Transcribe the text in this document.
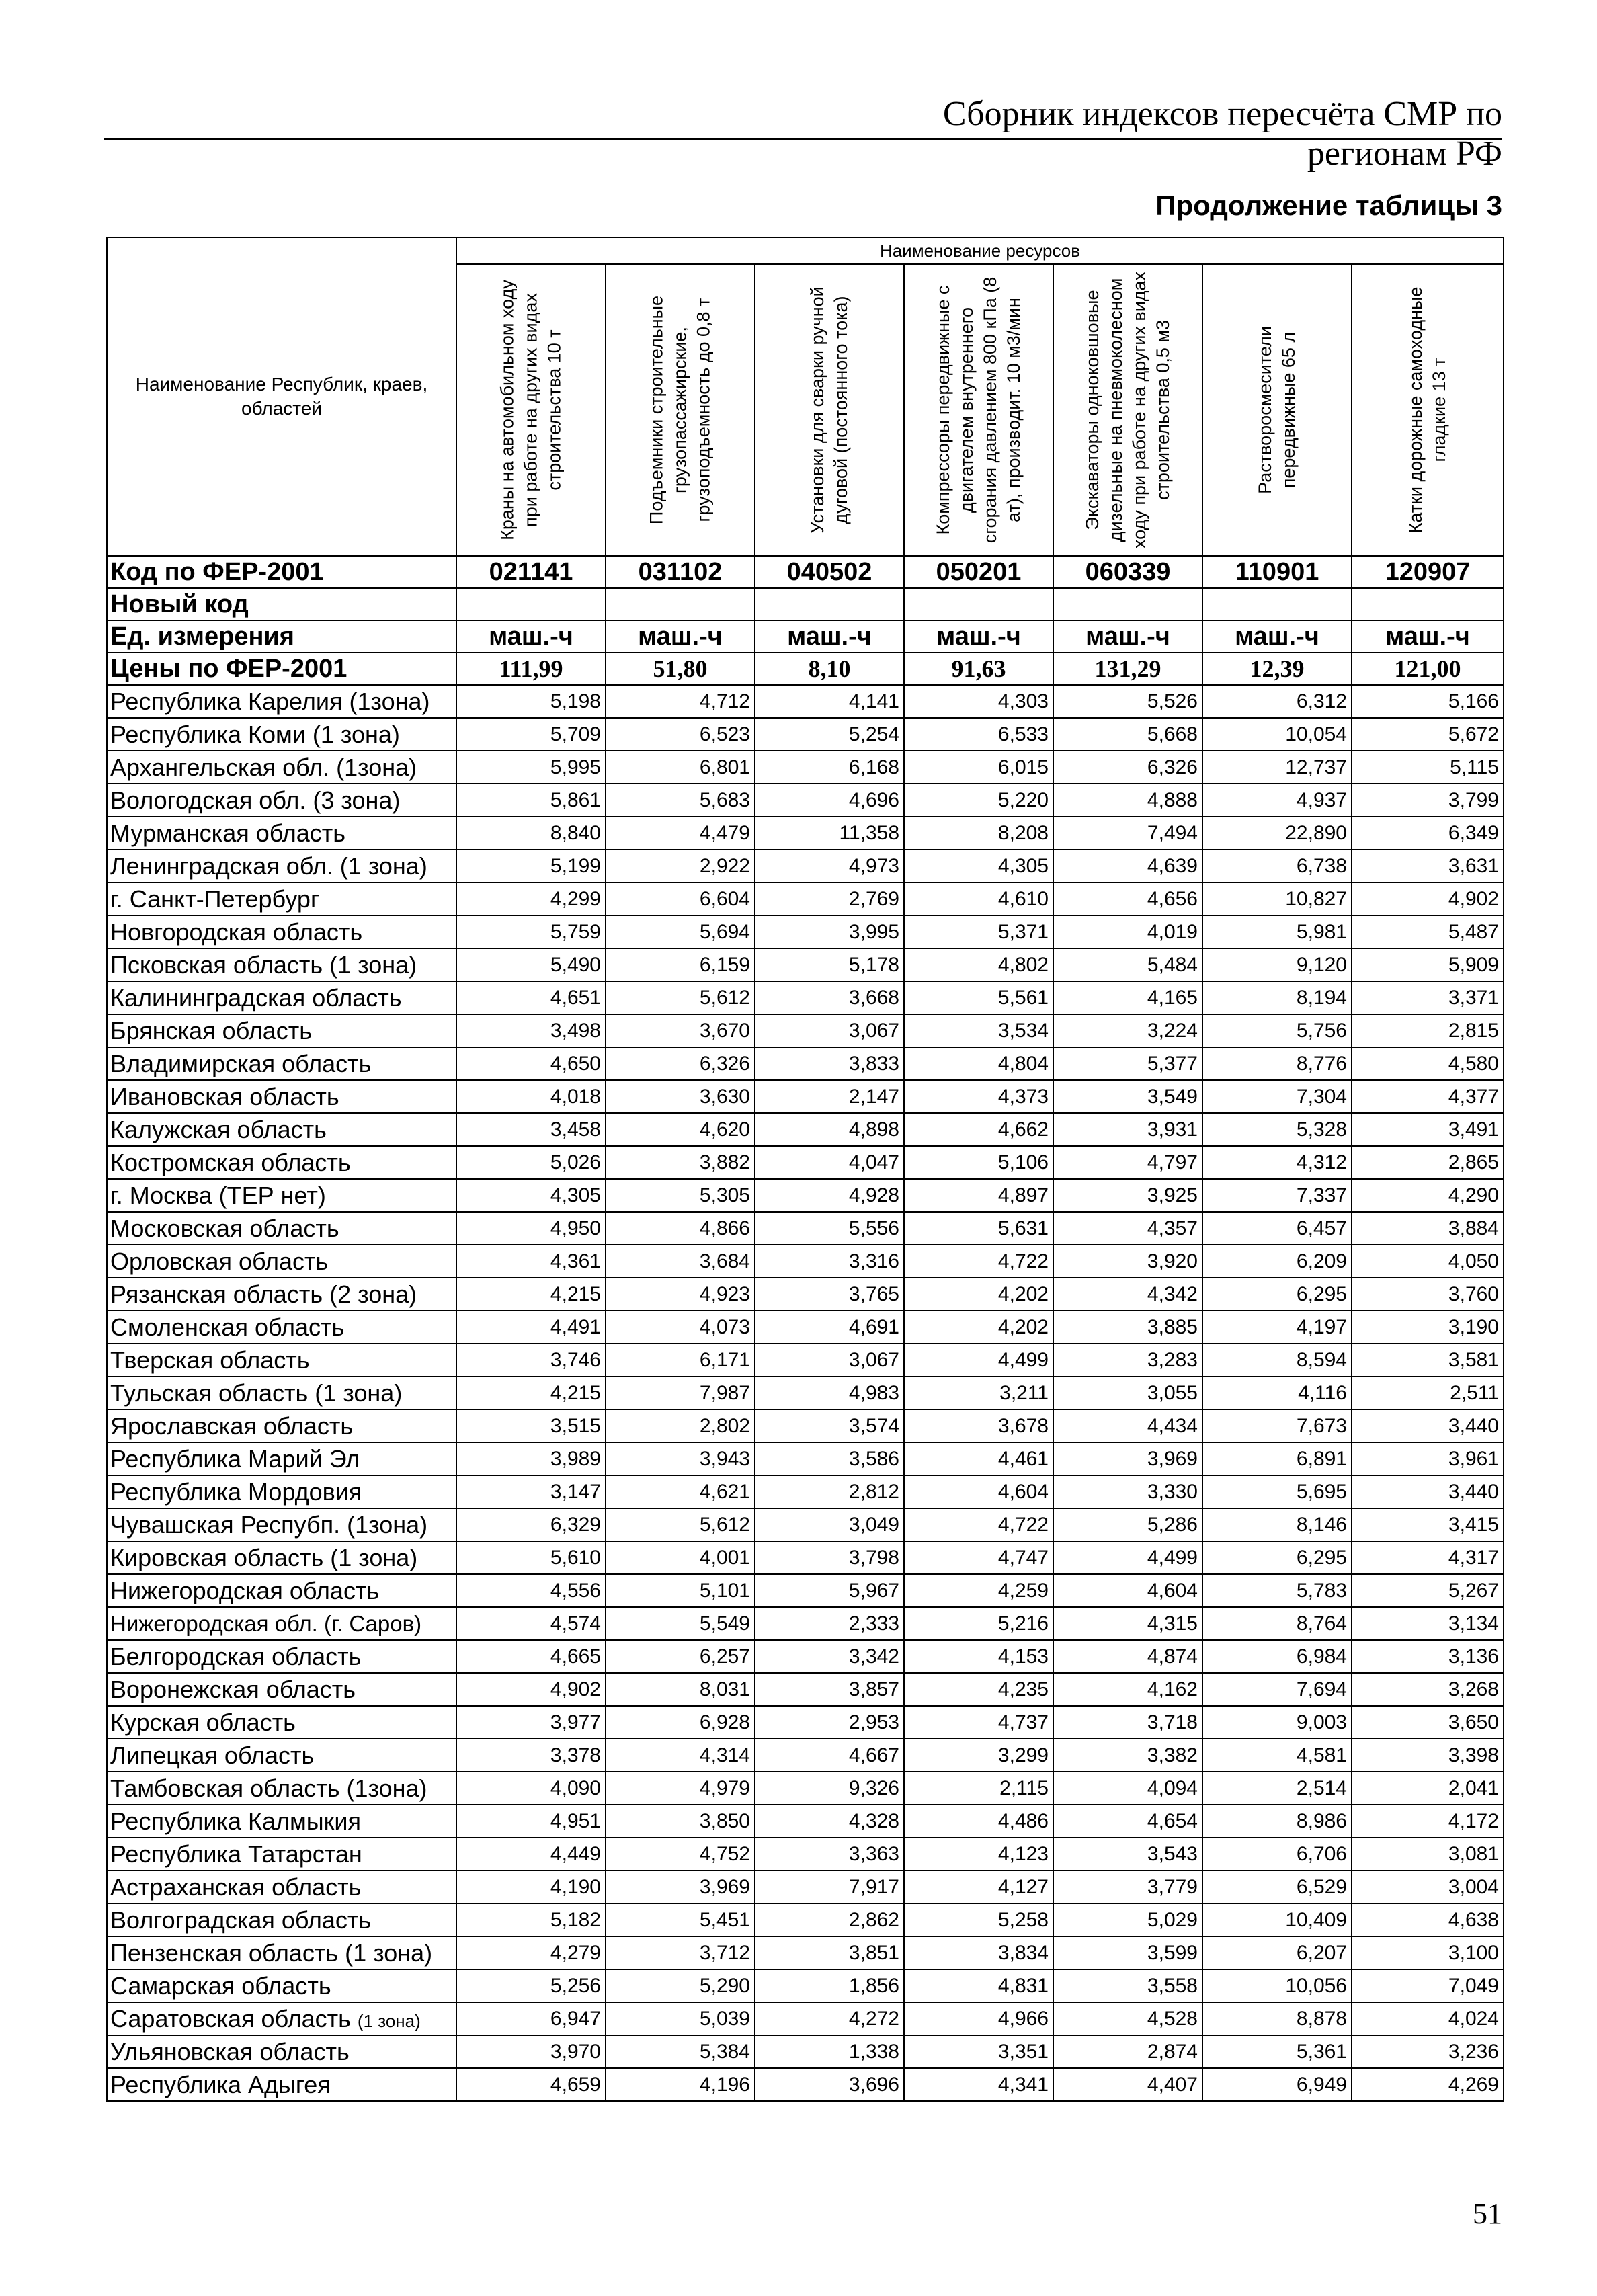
Сборник индексов пересчёта СМР по регионам РФ
Продолжение таблицы 3
Наименование Республик, краев, областей	Наименование ресурсов						

	Краны на автомобильном ходу при работе на других видах строительства 10 т	Подъемники строительные грузопассажирские, грузоподъемность до 0,8 т	Установки для сварки ручной дуговой (постоянного тока)	Компрессоры передвижные с двигателем внутреннего сгорания давлением 800 кПа (8 ат), производит. 10 м3/мин	Экскаваторы одноковшовые дизельные на пневмоколесном ходу при работе на других видах строительства 0,5 м3	Растворосмесители передвижные 65 л	Катки дорожные самоходные гладкие 13 т

Код по ФЕР-2001	021141	031102	040502	050201	060339	110901	120907
Новый код							
Ед. измерения	маш.-ч	маш.-ч	маш.-ч	маш.-ч	маш.-ч	маш.-ч	маш.-ч
Цены по ФЕР-2001	111,99	51,80	8,10	91,63	131,29	12,39	121,00
Республика Карелия (1зона)	5,198	4,712	4,141	4,303	5,526	6,312	5,166
Республика Коми (1 зона)	5,709	6,523	5,254	6,533	5,668	10,054	5,672
Архангельская обл. (1зона)	5,995	6,801	6,168	6,015	6,326	12,737	5,115
Вологодская обл. (3 зона)	5,861	5,683	4,696	5,220	4,888	4,937	3,799
Мурманская область	8,840	4,479	11,358	8,208	7,494	22,890	6,349
Ленинградская обл. (1 зона)	5,199	2,922	4,973	4,305	4,639	6,738	3,631
г. Санкт-Петербург	4,299	6,604	2,769	4,610	4,656	10,827	4,902
Новгородская область	5,759	5,694	3,995	5,371	4,019	5,981	5,487
Псковская область (1 зона)	5,490	6,159	5,178	4,802	5,484	9,120	5,909
Калининградская область	4,651	5,612	3,668	5,561	4,165	8,194	3,371
Брянская область	3,498	3,670	3,067	3,534	3,224	5,756	2,815
Владимирская область	4,650	6,326	3,833	4,804	5,377	8,776	4,580
Ивановская область	4,018	3,630	2,147	4,373	3,549	7,304	4,377
Калужская область	3,458	4,620	4,898	4,662	3,931	5,328	3,491
Костромская область	5,026	3,882	4,047	5,106	4,797	4,312	2,865
г. Москва (ТЕР нет)	4,305	5,305	4,928	4,897	3,925	7,337	4,290
Московская область	4,950	4,866	5,556	5,631	4,357	6,457	3,884
Орловская область	4,361	3,684	3,316	4,722	3,920	6,209	4,050
Рязанская область (2 зона)	4,215	4,923	3,765	4,202	4,342	6,295	3,760
Смоленская область	4,491	4,073	4,691	4,202	3,885	4,197	3,190
Тверская область	3,746	6,171	3,067	4,499	3,283	8,594	3,581
Тульская область (1 зона)	4,215	7,987	4,983	3,211	3,055	4,116	2,511
Ярославская область	3,515	2,802	3,574	3,678	4,434	7,673	3,440
Республика Марий Эл	3,989	3,943	3,586	4,461	3,969	6,891	3,961
Республика Мордовия	3,147	4,621	2,812	4,604	3,330	5,695	3,440
Чувашская Респубп. (1зона)	6,329	5,612	3,049	4,722	5,286	8,146	3,415
Кировская область (1 зона)	5,610	4,001	3,798	4,747	4,499	6,295	4,317
Нижегородская область	4,556	5,101	5,967	4,259	4,604	5,783	5,267
Нижегородская обл. (г. Саров)	4,574	5,549	2,333	5,216	4,315	8,764	3,134
Белгородская область	4,665	6,257	3,342	4,153	4,874	6,984	3,136
Воронежская область	4,902	8,031	3,857	4,235	4,162	7,694	3,268
Курская область	3,977	6,928	2,953	4,737	3,718	9,003	3,650
Липецкая область	3,378	4,314	4,667	3,299	3,382	4,581	3,398
Тамбовская область (1зона)	4,090	4,979	9,326	2,115	4,094	2,514	2,041
Республика Калмыкия	4,951	3,850	4,328	4,486	4,654	8,986	4,172
Республика Татарстан	4,449	4,752	3,363	4,123	3,543	6,706	3,081
Астраханская область	4,190	3,969	7,917	4,127	3,779	6,529	3,004
Волгоградская область	5,182	5,451	2,862	5,258	5,029	10,409	4,638
Пензенская область (1 зона)	4,279	3,712	3,851	3,834	3,599	6,207	3,100
Самарская область	5,256	5,290	1,856	4,831	3,558	10,056	7,049
Саратовская область (1 зона)	6,947	5,039	4,272	4,966	4,528	8,878	4,024
Ульяновская область	3,970	5,384	1,338	3,351	2,874	5,361	3,236
Республика Адыгея	4,659	4,196	3,696	4,341	4,407	6,949	4,269
51
